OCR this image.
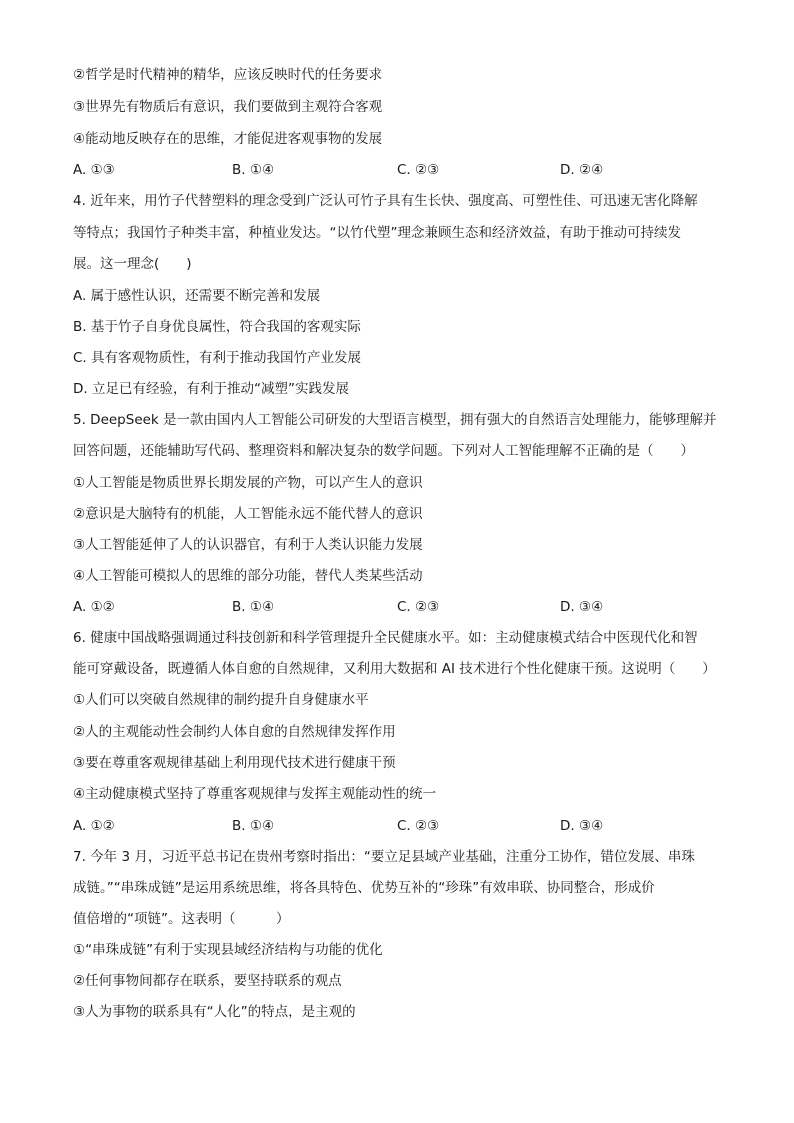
②哲学是时代精神的精华，应该反映时代的任务要求
③世界先有物质后有意识，我们要做到主观符合客观
④能动地反映存在的思维，才能促进客观事物的发展
A. ①③	B. ①④	C. ②③	D. ②④
4. 近年来，用竹子代替塑料的理念受到广泛认可竹子具有生长快、强度高、可塑性佳、可迅速无害化降解
等特点；我国竹子种类丰富，种植业发达。“以竹代塑”理念兼顾生态和经济效益，有助于推动可持续发
展。这一理念(　　)
A. 属于感性认识，还需要不断完善和发展
B. 基于竹子自身优良属性，符合我国的客观实际
C. 具有客观物质性，有利于推动我国竹产业发展
D. 立足已有经验，有利于推动“减塑”实践发展
5. DeepSeek 是一款由国内人工智能公司研发的大型语言模型，拥有强大的自然语言处理能力，能够理解并
回答问题，还能辅助写代码、整理资料和解决复杂的数学问题。下列对人工智能理解不正确的是（　　）
①人工智能是物质世界长期发展的产物，可以产生人的意识
②意识是大脑特有的机能，人工智能永远不能代替人的意识
③人工智能延伸了人的认识器官，有利于人类认识能力发展
④人工智能可模拟人的思维的部分功能，替代人类某些活动
A. ①②	B. ①④	C. ②③	D. ③④
6. 健康中国战略强调通过科技创新和科学管理提升全民健康水平。如：主动健康模式结合中医现代化和智
能可穿戴设备，既遵循人体自愈的自然规律，又利用大数据和 AI 技术进行个性化健康干预。这说明（　　）
①人们可以突破自然规律的制约提升自身健康水平
②人的主观能动性会制约人体自愈的自然规律发挥作用
③要在尊重客观规律基础上利用现代技术进行健康干预
④主动健康模式坚持了尊重客观规律与发挥主观能动性的统一
A. ①②	B. ①④	C. ②③	D. ③④
7. 今年 3 月，习近平总书记在贵州考察时指出：“要立足县域产业基础，注重分工协作，错位发展、串珠
成链。”“串珠成链”是运用系统思维，将各具特色、优势互补的“珍珠”有效串联、协同整合，形成价
值倍增的“项链”。这表明（　　　）
①“串珠成链”有利于实现县域经济结构与功能的优化
②任何事物间都存在联系，要坚持联系的观点
③人为事物的联系具有“人化”的特点，是主观的
